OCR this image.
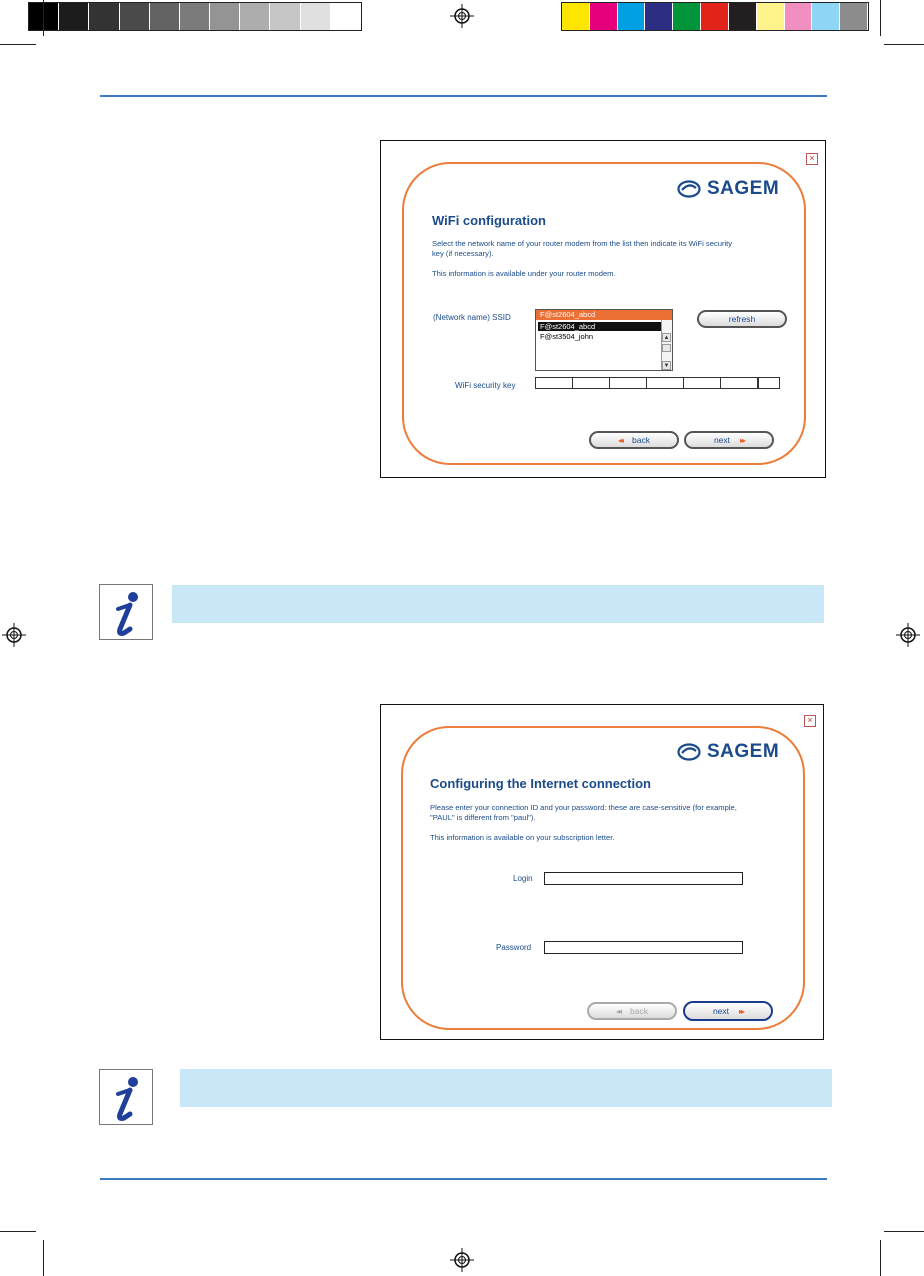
×
SAGEM
WiFi configuration
Select the network name of your router modem from the list then indicate its WiFi security
key (if necessary).
This information is available under your router modem.
(Network name) SSID	F@st2604_abcd
F@st2604_abcd
F@st3504_john	▲
▼
refresh
WiFi security key
◂◂ back	next ▸▸
×
SAGEM
Configuring the Internet connection
Please enter your connection ID and your password: these are case-sensitive (for example,
"PAUL" is different from "paul").
This information is available on your subscription letter.
Login
Password
◂◂ back	next ▸▸
